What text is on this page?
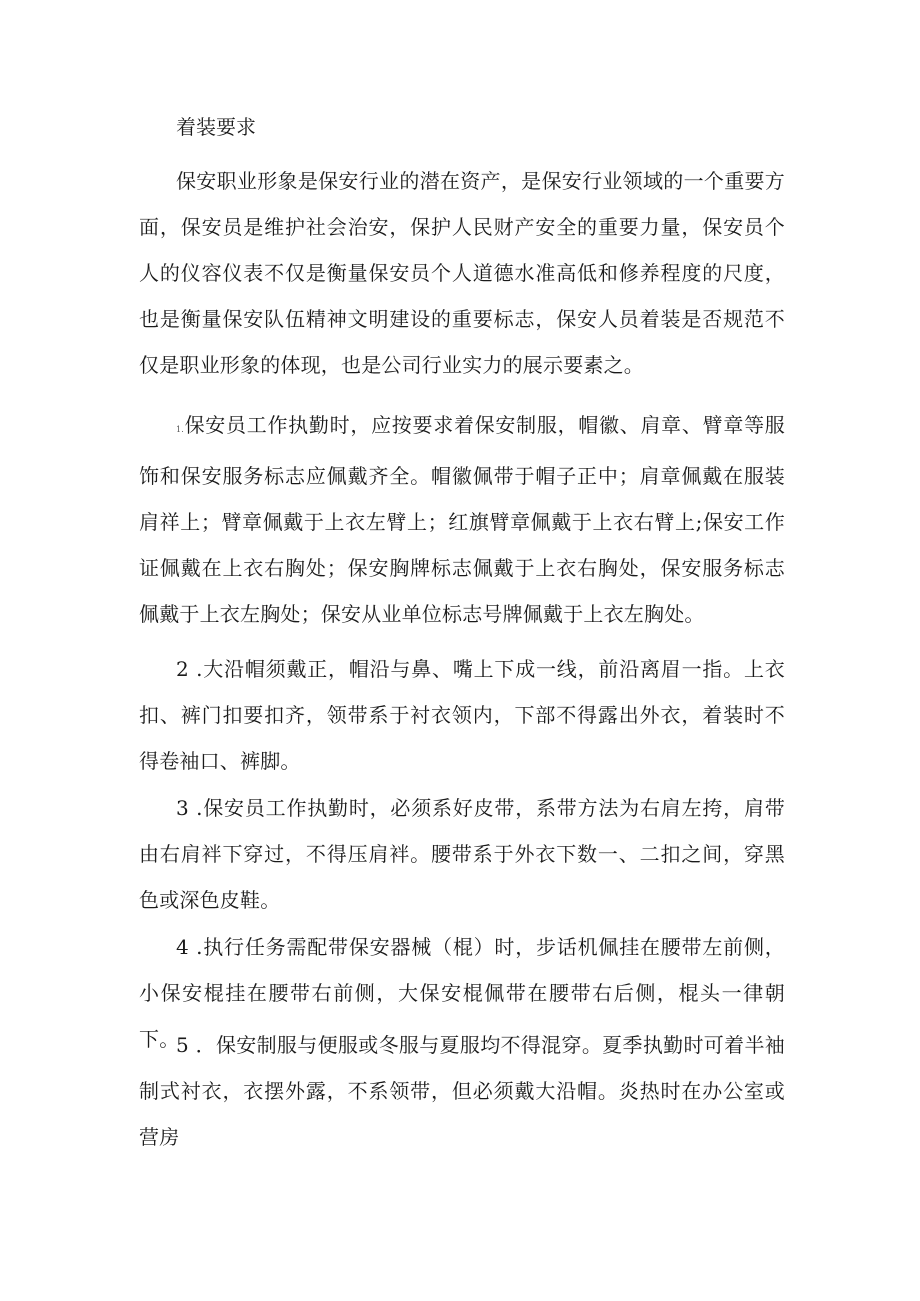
着装要求

保安职业形象是保安行业的潜在资产，是保安行业领域的一个重要方面，保安员是维护社会治安，保护人民财产安全的重要力量，保安员个人的仪容仪表不仅是衡量保安员个人道德水准高低和修养程度的尺度，也是衡量保安队伍精神文明建设的重要标志，保安人员着装是否规范不仅是职业形象的体现，也是公司行业实力的展示要素之。

1.保安员工作执勤时，应按要求着保安制服，帽徽、肩章、臂章等服饰和保安服务标志应佩戴齐全。帽徽佩带于帽子正中；肩章佩戴在服装肩祥上；臂章佩戴于上衣左臂上；红旗臂章佩戴于上衣右臂上;保安工作证佩戴在上衣右胸处；保安胸牌标志佩戴于上衣右胸处，保安服务标志佩戴于上衣左胸处；保安从业单位标志号牌佩戴于上衣左胸处。

2 .大沿帽须戴正，帽沿与鼻、嘴上下成一线，前沿离眉一指。上衣扣、裤门扣要扣齐，领带系于衬衣领内，下部不得露出外衣，着装时不得卷袖口、裤脚。

3 .保安员工作执勤时，必须系好皮带，系带方法为右肩左挎，肩带由右肩袢下穿过，不得压肩袢。腰带系于外衣下数一、二扣之间，穿黑色或深色皮鞋。

4 .执行任务需配带保安器械（棍）时，步话机佩挂在腰带左前侧，小保安棍挂在腰带右前侧，大保安棍佩带在腰带右后侧，棍头一律朝下。

5 ．保安制服与便服或冬服与夏服均不得混穿。夏季执勤时可着半袖制式衬衣，衣摆外露，不系领带，但必须戴大沿帽。炎热时在办公室或营房
